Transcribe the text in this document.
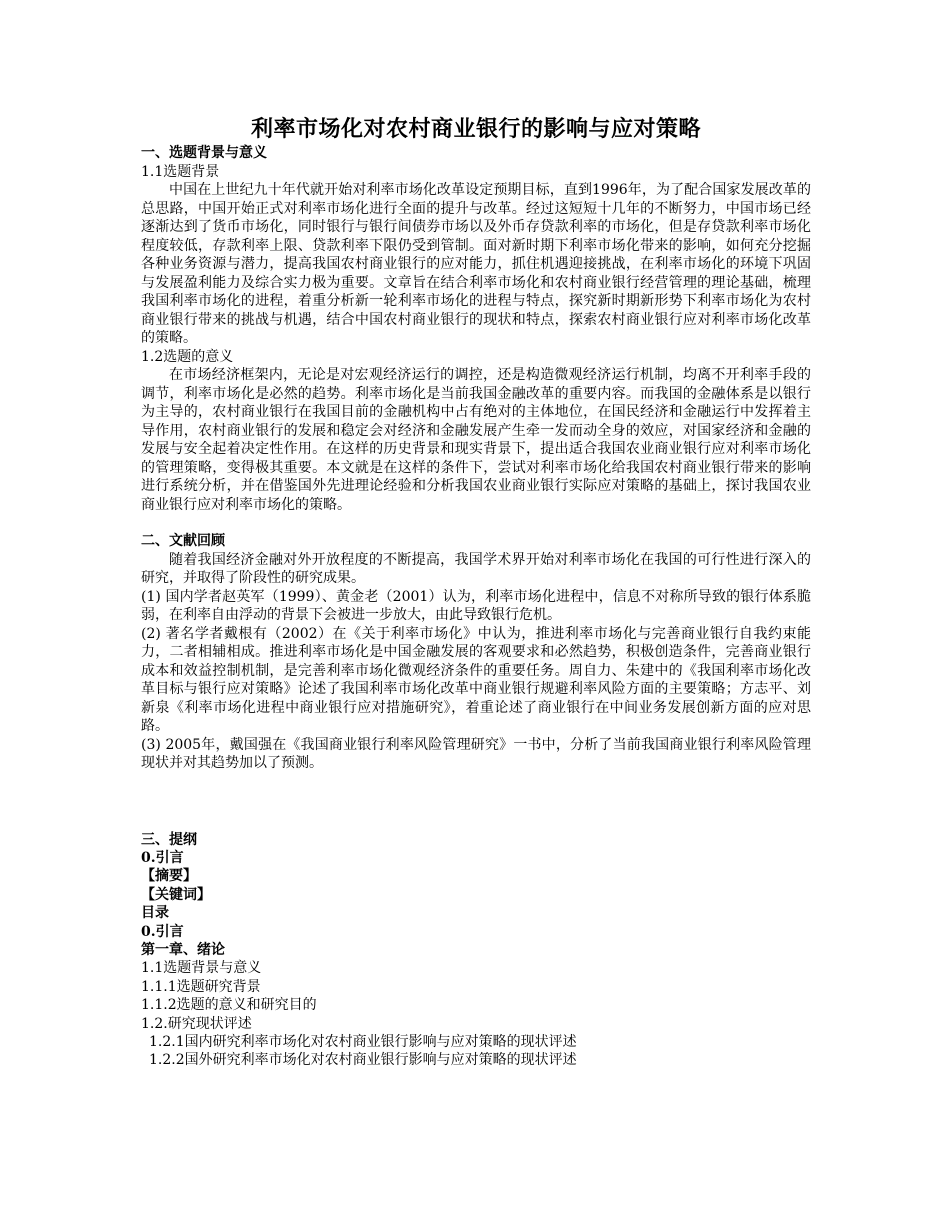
利率市场化对农村商业银行的影响与应对策略

一、选题背景与意义

1.1选题背景

中国在上世纪九十年代就开始对利率市场化改革设定预期目标，直到1996年，为了配合国家发展改革的总思路，中国开始正式对利率市场化进行全面的提升与改革。经过这短短十几年的不断努力，中国市场已经逐渐达到了货币市场化，同时银行与银行间债券市场以及外币存贷款利率的市场化，但是存贷款利率市场化程度较低，存款利率上限、贷款利率下限仍受到管制。面对新时期下利率市场化带来的影响，如何充分挖掘各种业务资源与潜力，提高我国农村商业银行的应对能力，抓住机遇迎接挑战，在利率市场化的环境下巩固与发展盈利能力及综合实力极为重要。文章旨在结合利率市场化和农村商业银行经营管理的理论基础，梳理我国利率市场化的进程，着重分析新一轮利率市场化的进程与特点，探究新时期新形势下利率市场化为农村商业银行带来的挑战与机遇，结合中国农村商业银行的现状和特点，探索农村商业银行应对利率市场化改革的策略。

1.2选题的意义

在市场经济框架内，无论是对宏观经济运行的调控，还是构造微观经济运行机制，均离不开利率手段的调节，利率市场化是必然的趋势。利率市场化是当前我国金融改革的重要内容。而我国的金融体系是以银行为主导的，农村商业银行在我国目前的金融机构中占有绝对的主体地位，在国民经济和金融运行中发挥着主导作用，农村商业银行的发展和稳定会对经济和金融发展产生牵一发而动全身的效应，对国家经济和金融的发展与安全起着决定性作用。在这样的历史背景和现实背景下，提出适合我国农业商业银行应对利率市场化的管理策略，变得极其重要。本文就是在这样的条件下，尝试对利率市场化给我国农村商业银行带来的影响进行系统分析，并在借鉴国外先进理论经验和分析我国农业商业银行实际应对策略的基础上，探讨我国农业商业银行应对利率市场化的策略。

二、文献回顾

随着我国经济金融对外开放程度的不断提高，我国学术界开始对利率市场化在我国的可行性进行深入的研究，并取得了阶段性的研究成果。

(1) 国内学者赵英军（1999）、黄金老（2001）认为，利率市场化进程中，信息不对称所导致的银行体系脆弱，在利率自由浮动的背景下会被进一步放大，由此导致银行危机。

(2) 著名学者戴根有（2002）在《关于利率市场化》中认为，推进利率市场化与完善商业银行自我约束能力，二者相辅相成。推进利率市场化是中国金融发展的客观要求和必然趋势，积极创造条件，完善商业银行成本和效益控制机制，是完善利率市场化微观经济条件的重要任务。周自力、朱建中的《我国利率市场化改革目标与银行应对策略》论述了我国利率市场化改革中商业银行规避利率风险方面的主要策略；方志平、刘新泉《利率市场化进程中商业银行应对措施研究》，着重论述了商业银行在中间业务发展创新方面的应对思路。

(3) 2005年，戴国强在《我国商业银行利率风险管理研究》一书中，分析了当前我国商业银行利率风险管理现状并对其趋势加以了预测。

三、提纲

0.引言

【摘要】

【关键词】

目录

0.引言

第一章、绪论

1.1选题背景与意义

1.1.1选题研究背景

1.1.2选题的意义和研究目的

1.2.研究现状评述

1.2.1国内研究利率市场化对农村商业银行影响与应对策略的现状评述

1.2.2国外研究利率市场化对农村商业银行影响与应对策略的现状评述
